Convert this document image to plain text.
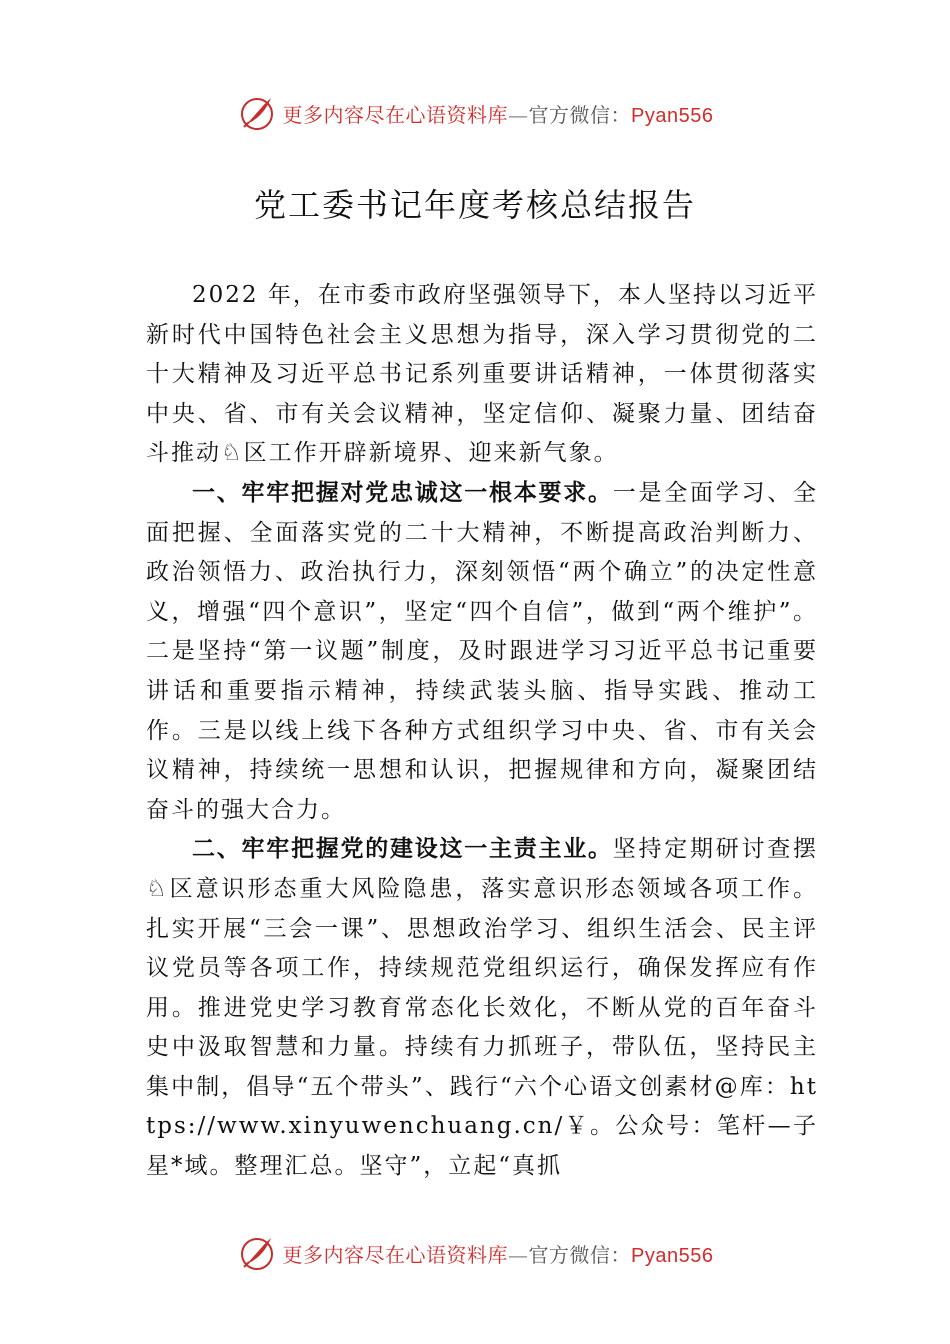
更多内容尽在心语资料库—官方微信：Pyan556
党工委书记年度考核总结报告

2022 年，在市委市政府坚强领导下，本人坚持以习近平新时代中国特色社会主义思想为指导，深入学习贯彻党的二十大精神及习近平总书记系列重要讲话精神，一体贯彻落实中央、省、市有关会议精神，坚定信仰、凝聚力量、团结奋斗推动♘区工作开辟新境界、迎来新气象。

一、牢牢把握对党忠诚这一根本要求。一是全面学习、全面把握、全面落实党的二十大精神，不断提高政治判断力、政治领悟力、政治执行力，深刻领悟“两个确立”的决定性意义，增强“四个意识”，坚定“四个自信”，做到“两个维护”。二是坚持“第一议题”制度，及时跟进学习习近平总书记重要讲话和重要指示精神，持续武装头脑、指导实践、推动工作。三是以线上线下各种方式组织学习中央、省、市有关会议精神，持续统一思想和认识，把握规律和方向，凝聚团结奋斗的强大合力。

二、牢牢把握党的建设这一主责主业。坚持定期研讨查摆♘区意识形态重大风险隐患，落实意识形态领域各项工作。扎实开展“三会一课”、思想政治学习、组织生活会、民主评 议党员等各项工作，持续规范党组织运行，确保发挥应有作 用。推进党史学习教育常态化长效化，不断从党的百年奋斗 史中汲取智慧和力量。持续有力抓班子，带队伍，坚持民主集中制，倡导“五个带头”、践行“六个心语文创素材@库：https://www.xinyuwenchuang.cn/￥。公众号：笔杆—子星*域。整理汇总。坚守”，立起“真抓

更多内容尽在心语资料库—官方微信：Pyan556
